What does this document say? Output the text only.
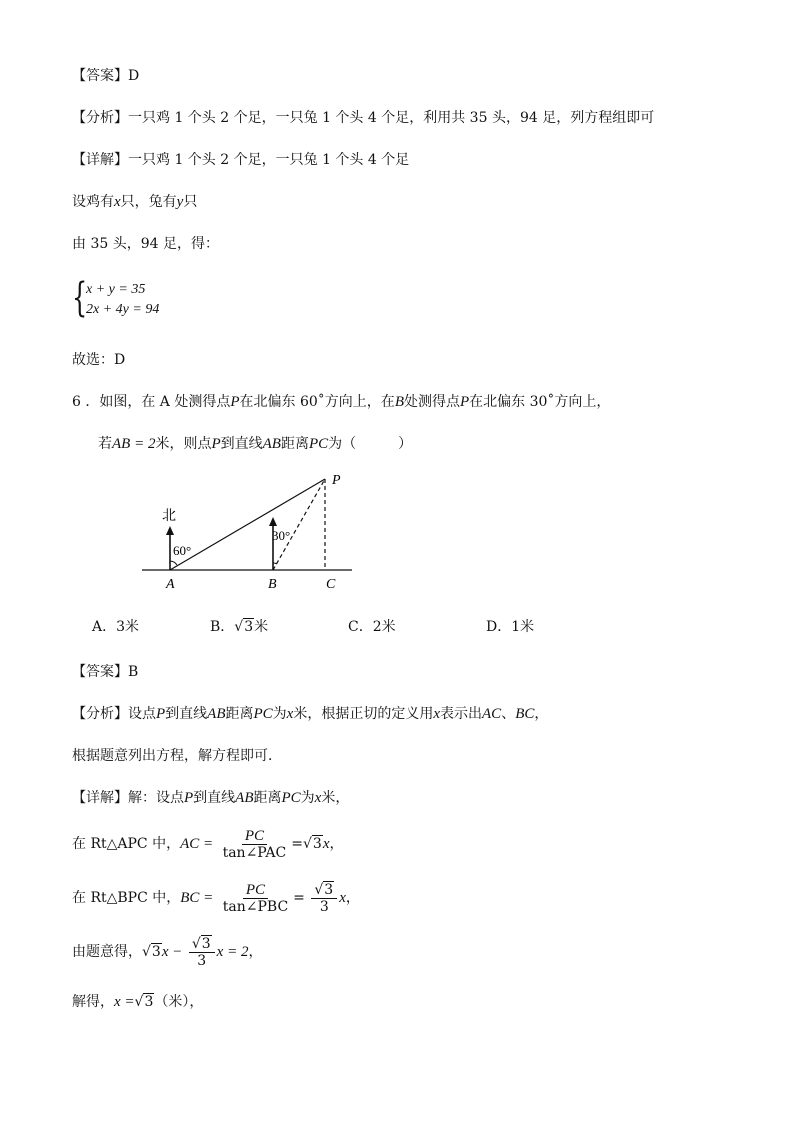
【答案】D
【分析】一只鸡 1 个头 2 个足，一只兔 1 个头 4 个足，利用共 35 头，94 足，列方程组即可
【详解】一只鸡 1 个头 2 个足，一只兔 1 个头 4 个足
设鸡有x只，兔有y只
由 35 头，94 足，得：
{
x + y = 35
2x + 4y = 94
故选：D
6 ．如图，在 A 处测得点P在北偏东 60˚方向上，在B处测得点P在北偏东 30˚方向上，
若AB = 2米，则点P到直线AB距离PC为（　　　）
北
60°
30°
A	B	C
P
A．3米	B．√3米	C．2米	D．1米
【答案】B
【分析】设点P到直线AB距离PC为x米，根据正切的定义用x表示出AC、BC，
根据题意列出方程，解方程即可．
【详解】解：设点P到直线AB距离PC为x米，
在 Rt△APC 中，AC = $\frac{PC}{\text{tan∠PAC}} =√3x$，
在 Rt△BPC 中，BC = $\frac{PC}{\text{tan∠PBC}} = \frac{√3}{3}$ x，
由题意得，$√3x - \frac{√3}{3}$ x = 2，
解得，x =√3（米），
